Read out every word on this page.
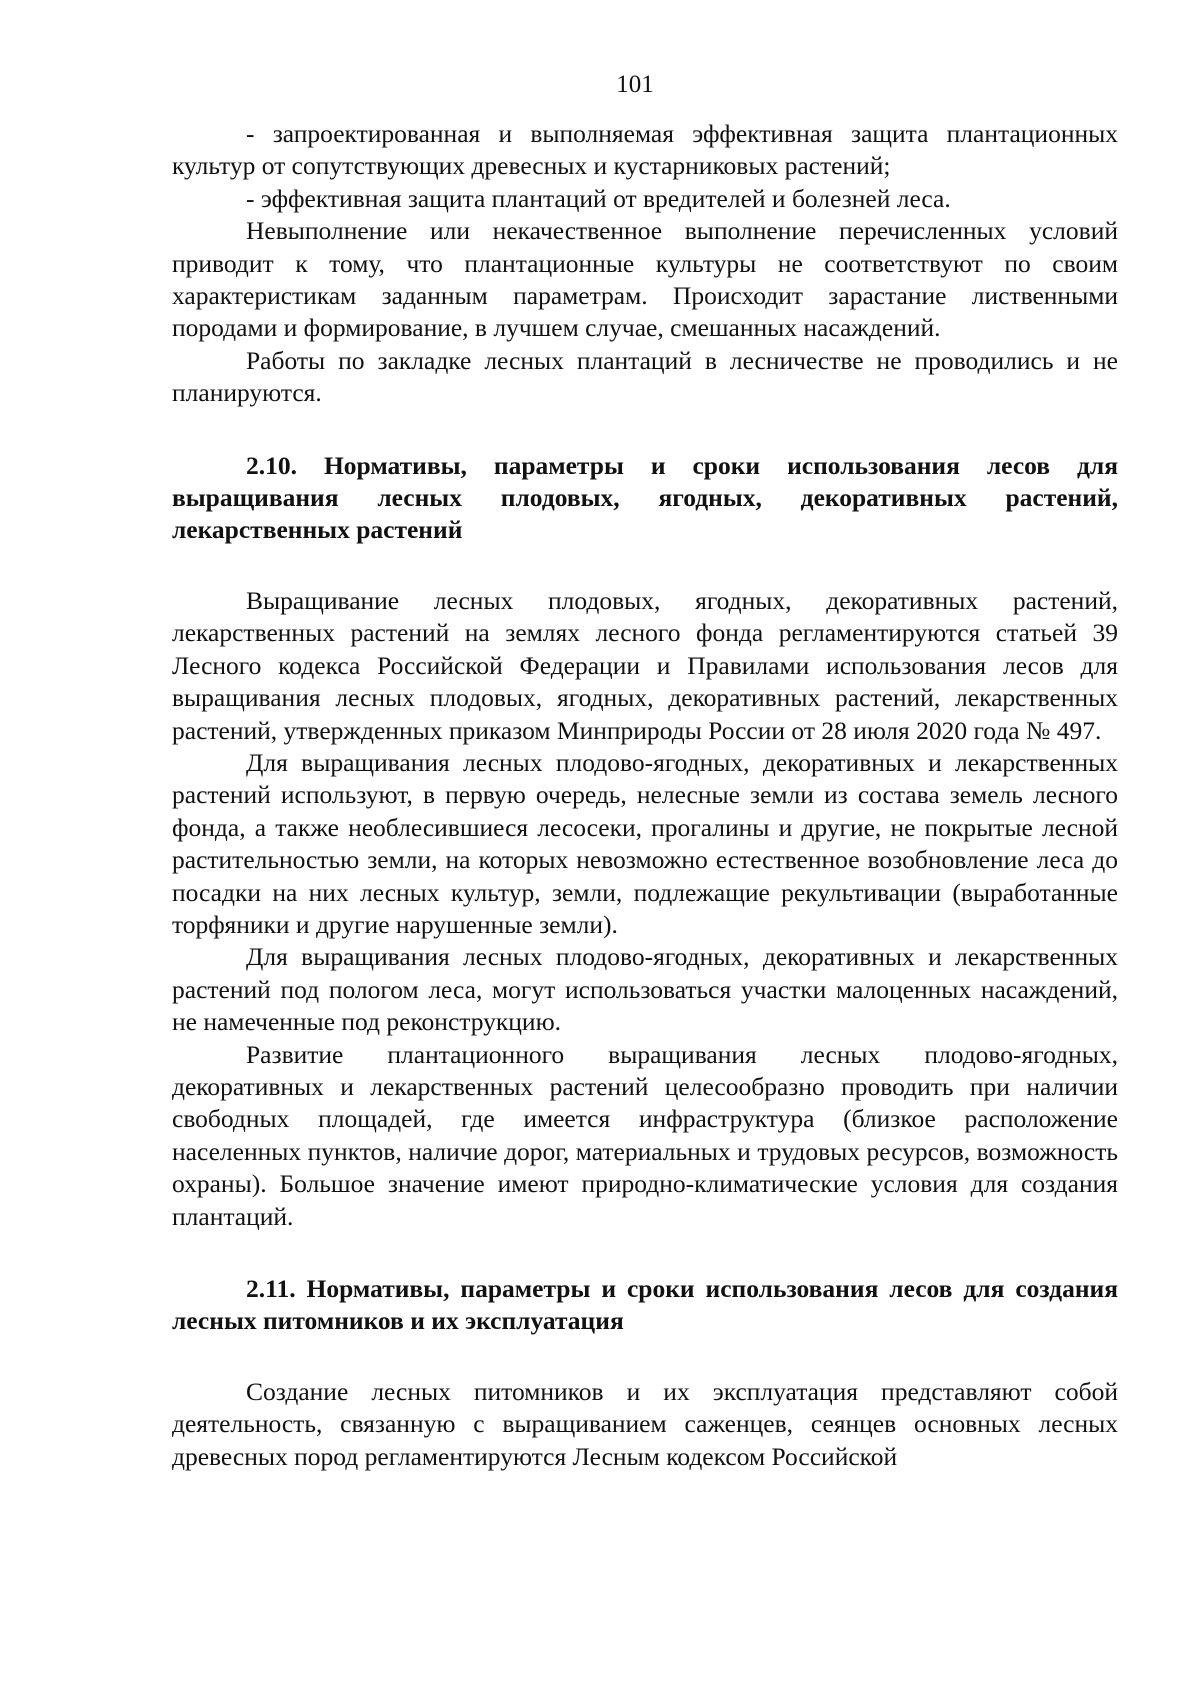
101

- запроектированная и выполняемая эффективная защита плантационных культур от сопутствующих древесных и кустарниковых растений;

- эффективная защита плантаций от вредителей и болезней леса.

Невыполнение или некачественное выполнение перечисленных условий приводит к тому, что плантационные культуры не соответствуют по своим характеристикам заданным параметрам. Происходит зарастание лиственными породами и формирование, в лучшем случае, смешанных насаждений.

Работы по закладке лесных плантаций в лесничестве не проводились и не планируются.

2.10. Нормативы, параметры и сроки использования лесов для выращивания лесных плодовых, ягодных, декоративных растений, лекарственных растений

Выращивание лесных плодовых, ягодных, декоративных растений, лекарственных растений на землях лесного фонда регламентируются статьей 39 Лесного кодекса Российской Федерации и Правилами использования лесов для выращивания лесных плодовых, ягодных, декоративных растений, лекарственных растений, утвержденных приказом Минприроды России от 28 июля 2020 года № 497.

Для выращивания лесных плодово-ягодных, декоративных и лекарственных растений используют, в первую очередь, нелесные земли из состава земель лесного фонда, а также необлесившиеся лесосеки, прогалины и другие, не покрытые лесной растительностью земли, на которых невозможно естественное возобновление леса до посадки на них лесных культур, земли, подлежащие рекультивации (выработанные торфяники и другие нарушенные земли).

Для выращивания лесных плодово-ягодных, декоративных и лекарственных растений под пологом леса, могут использоваться участки малоценных насаждений, не намеченные под реконструкцию.

Развитие плантационного выращивания лесных плодово-ягодных, декоративных и лекарственных растений целесообразно проводить при наличии свободных площадей, где имеется инфраструктура (близкое расположение населенных пунктов, наличие дорог, материальных и трудовых ресурсов, возможность охраны). Большое значение имеют природно-климатические условия для создания плантаций.

2.11. Нормативы, параметры и сроки использования лесов для создания лесных питомников и их эксплуатация

Создание лесных питомников и их эксплуатация представляют собой деятельность, связанную с выращиванием саженцев, сеянцев основных лесных древесных пород регламентируются Лесным кодексом Российской
